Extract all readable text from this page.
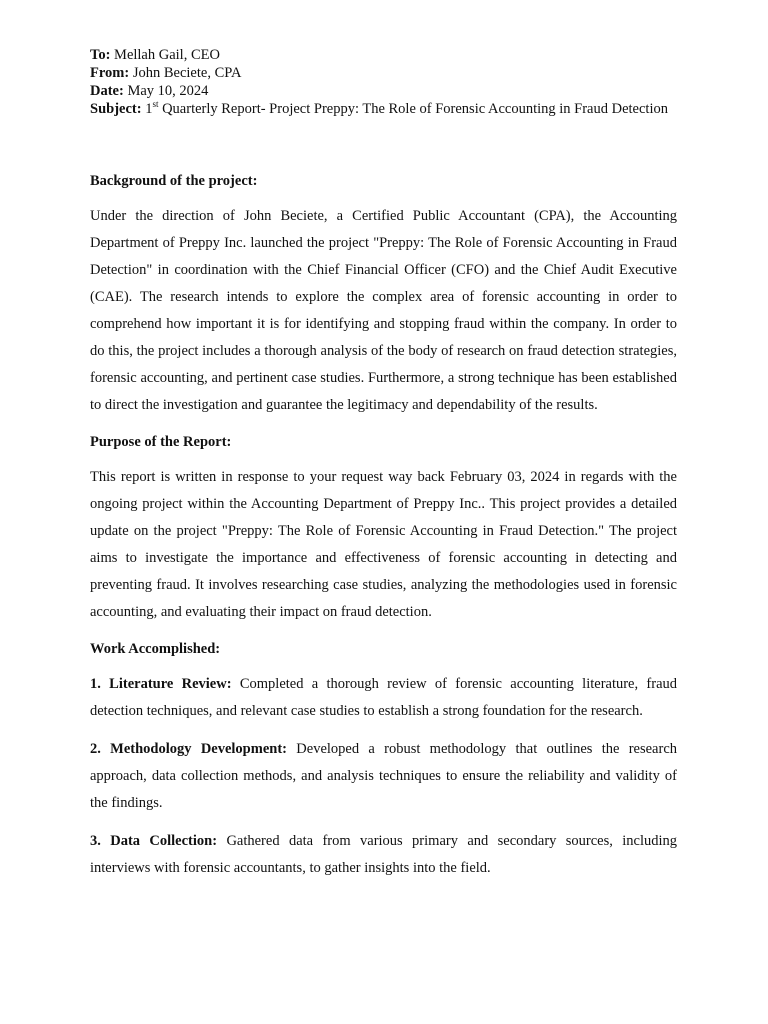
To: Mellah Gail, CEO

From: John Beciete, CPA

Date: May 10, 2024

Subject: 1st Quarterly Report- Project Preppy: The Role of Forensic Accounting in Fraud Detection

Background of the project:

Under the direction of John Beciete, a Certified Public Accountant (CPA), the Accounting Department of Preppy Inc. launched the project "Preppy: The Role of Forensic Accounting in Fraud Detection" in coordination with the Chief Financial Officer (CFO) and the Chief Audit Executive (CAE). The research intends to explore the complex area of forensic accounting in order to comprehend how important it is for identifying and stopping fraud within the company. In order to do this, the project includes a thorough analysis of the body of research on fraud detection strategies, forensic accounting, and pertinent case studies. Furthermore, a strong technique has been established to direct the investigation and guarantee the legitimacy and dependability of the results.

Purpose of the Report:

This report is written in response to your request way back February 03, 2024 in regards with the ongoing project within the Accounting Department of Preppy Inc.. This project provides a detailed update on the project "Preppy: The Role of Forensic Accounting in Fraud Detection." The project aims to investigate the importance and effectiveness of forensic accounting in detecting and preventing fraud. It involves researching case studies, analyzing the methodologies used in forensic accounting, and evaluating their impact on fraud detection.

Work Accomplished:

1. Literature Review: Completed a thorough review of forensic accounting literature, fraud detection techniques, and relevant case studies to establish a strong foundation for the research.

2. Methodology Development: Developed a robust methodology that outlines the research approach, data collection methods, and analysis techniques to ensure the reliability and validity of the findings.

3. Data Collection: Gathered data from various primary and secondary sources, including interviews with forensic accountants, to gather insights into the field.
